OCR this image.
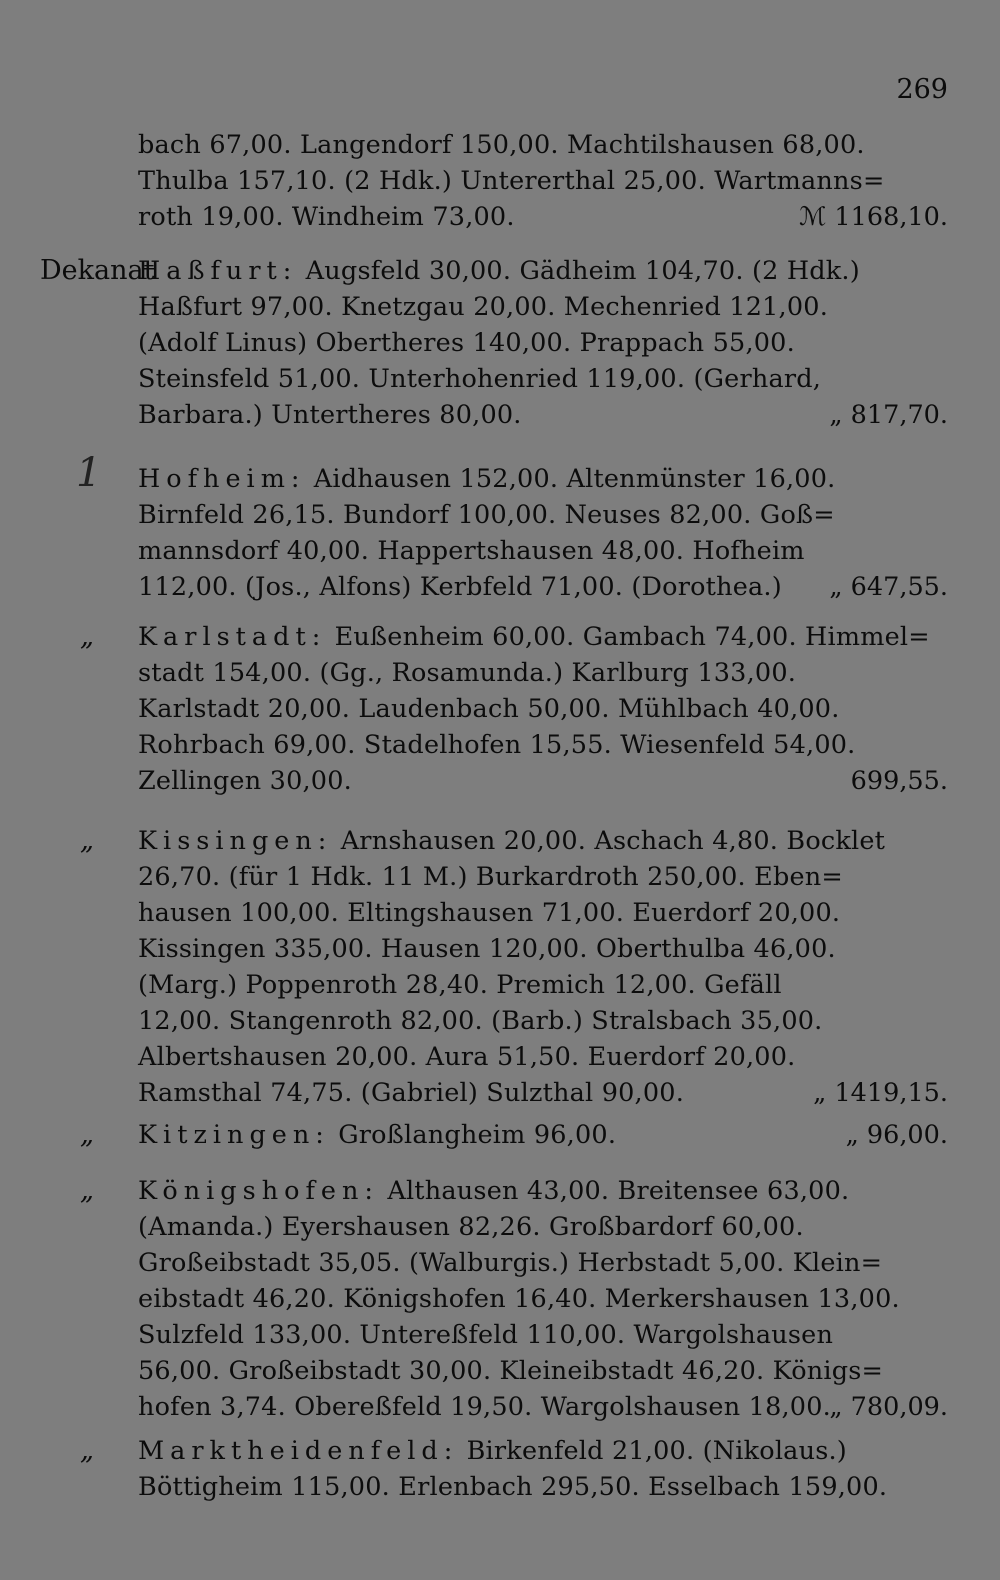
269
bach 67,00. Langendorf 150,00. Machtilshausen 68,00.
Thulba 157,10. (2 Hdk.) Untererthal 25,00. Wartmanns=
roth 19,00. Windheim 73,00.	ℳ 1168,10.
Dekanat
Haßfurt: Augsfeld 30,00. Gädheim 104,70. (2 Hdk.)
Haßfurt 97,00. Knetzgau 20,00. Mechenried 121,00.
(Adolf Linus) Obertheres 140,00. Prappach 55,00.
Steinsfeld 51,00. Unterhohenried 119,00. (Gerhard,
Barbara.) Untertheres 80,00.	„ 817,70.
1 Hofheim: Aidhausen 152,00. Altenmünster 16,00.
Birnfeld 26,15. Bundorf 100,00. Neuses 82,00. Goß=
mannsdorf 40,00. Happertshausen 48,00. Hofheim
112,00. (Jos., Alfons) Kerbfeld 71,00. (Dorothea.) „ 647,55.
„ Karlstadt: Eußenheim 60,00. Gambach 74,00. Himmel=
stadt 154,00. (Gg., Rosamunda.) Karlburg 133,00.
Karlstadt 20,00. Laudenbach 50,00. Mühlbach 40,00.
Rohrbach 69,00. Stadelhofen 15,55. Wiesenfeld 54,00.
Zellingen 30,00.	699,55.
„ Kissingen: Arnshausen 20,00. Aschach 4,80. Bocklet
26,70. (für 1 Hdk. 11 M.) Burkardroth 250,00. Eben=
hausen 100,00. Eltingshausen 71,00. Euerdorf 20,00.
Kissingen 335,00. Hausen 120,00. Oberthulba 46,00.
(Marg.) Poppenroth 28,40. Premich 12,00. Gefäll
12,00. Stangenroth 82,00. (Barb.) Stralsbach 35,00.
Albertshausen 20,00. Aura 51,50. Euerdorf 20,00.
Ramsthal 74,75. (Gabriel) Sulzthal 90,00.	„ 1419,15.
„ Kitzingen: Großlangheim 96,00.	„ 96,00.
„ Königshofen: Althausen 43,00. Breitensee 63,00.
(Amanda.) Eyershausen 82,26. Großbardorf 60,00.
Großeibstadt 35,05. (Walburgis.) Herbstadt 5,00. Klein=
eibstadt 46,20. Königshofen 16,40. Merkershausen 13,00.
Sulzfeld 133,00. Untereßfeld 110,00. Wargolshausen
56,00. Großeibstadt 30,00. Kleineibstadt 46,20. Königs=
hofen 3,74. Obereßfeld 19,50. Wargolshausen 18,00.
„ 780,09.
„ Marktheidenfeld: Birkenfeld 21,00. (Nikolaus.)
Böttigheim 115,00. Erlenbach 295,50. Esselbach 159,00.
